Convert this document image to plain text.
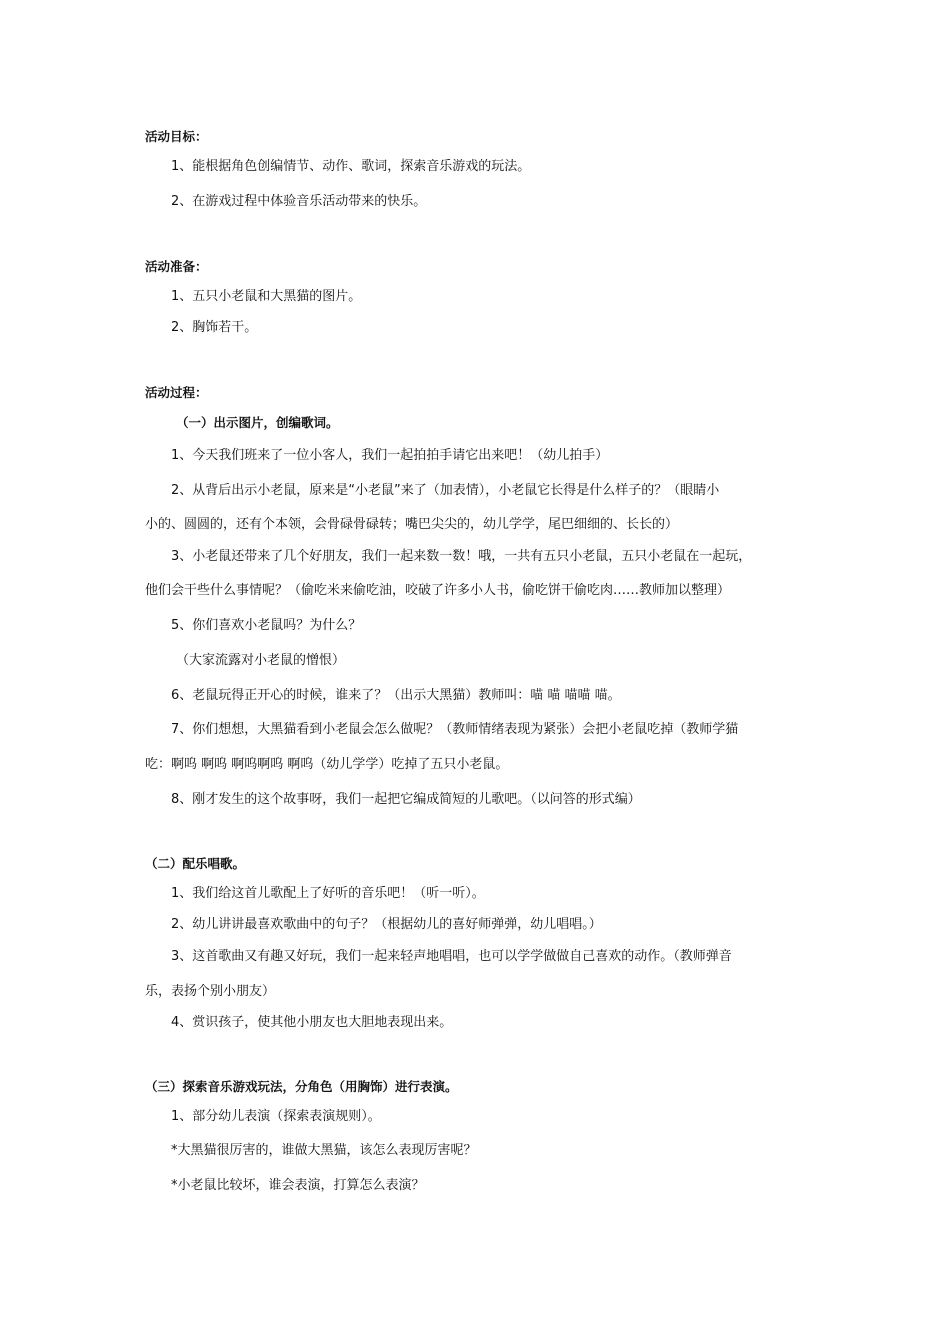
活动目标：
1、能根据角色创编情节、动作、歌词，探索音乐游戏的玩法。
2、在游戏过程中体验音乐活动带来的快乐。
活动准备：
1、五只小老鼠和大黑猫的图片。
2、胸饰若干。
活动过程：
（一）出示图片，创编歌词。
1、今天我们班来了一位小客人，我们一起拍拍手请它出来吧！（幼儿拍手）
2、从背后出示小老鼠，原来是“小老鼠”来了（加表情），小老鼠它长得是什么样子的？（眼睛小
小的、圆圆的，还有个本领，会骨碌骨碌转；嘴巴尖尖的，幼儿学学，尾巴细细的、长长的）
3、小老鼠还带来了几个好朋友，我们一起来数一数！哦，一共有五只小老鼠，五只小老鼠在一起玩，
他们会干些什么事情呢？（偷吃米来偷吃油，咬破了许多小人书，偷吃饼干偷吃肉……教师加以整理）
5、你们喜欢小老鼠吗？为什么？
（大家流露对小老鼠的憎恨）
6、老鼠玩得正开心的时候，谁来了？（出示大黑猫）教师叫：喵 喵 喵喵 喵。
7、你们想想，大黑猫看到小老鼠会怎么做呢？（教师情绪表现为紧张）会把小老鼠吃掉（教师学猫
吃：啊呜 啊呜 啊呜啊呜 啊呜（幼儿学学）吃掉了五只小老鼠。
8、刚才发生的这个故事呀，我们一起把它编成简短的儿歌吧。（以问答的形式编）
（二）配乐唱歌。
1、我们给这首儿歌配上了好听的音乐吧！（听一听）。
2、幼儿讲讲最喜欢歌曲中的句子？（根据幼儿的喜好师弹弹，幼儿唱唱。）
3、这首歌曲又有趣又好玩，我们一起来轻声地唱唱，也可以学学做做自己喜欢的动作。（教师弹音
乐，表扬个别小朋友）
4、赏识孩子，使其他小朋友也大胆地表现出来。
（三）探索音乐游戏玩法，分角色（用胸饰）进行表演。
1、部分幼儿表演（探索表演规则）。
*大黑猫很厉害的，谁做大黑猫，该怎么表现厉害呢？
*小老鼠比较坏，谁会表演，打算怎么表演？
